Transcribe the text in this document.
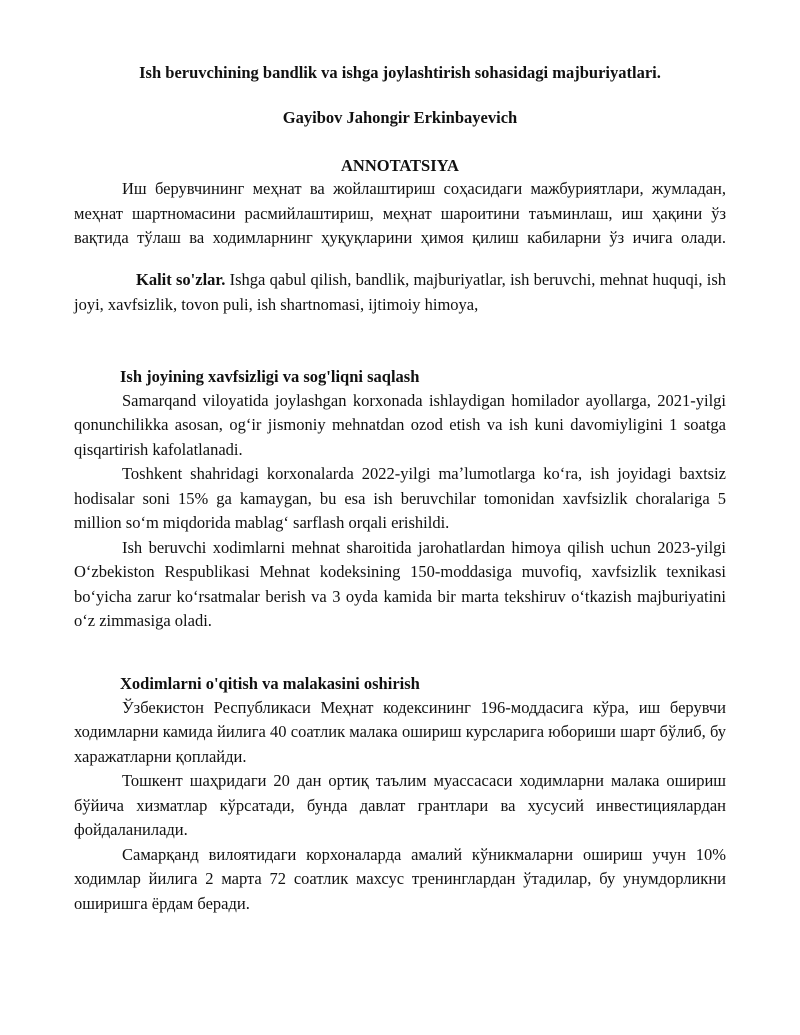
Ish beruvchining bandlik va ishga joylashtirish sohasidagi majburiyatlari.

Gayibov Jahongir Erkinbayevich

ANNOTATSIYA

Иш берувчининг меҳнат ва жойлаштириш соҳасидаги мажбуриятлари, жумладан, меҳнат шартномасини расмийлаштириш, меҳнат шароитини таъминлаш, иш ҳақини ўз вақтида тўлаш ва ходимларнинг ҳуқуқларини ҳимоя қилиш кабиларни ўз ичига олади.

Kalit so'zlar. Ishga qabul qilish, bandlik, majburiyatlar, ish beruvchi, mehnat huquqi, ish joyi, xavfsizlik, tovon puli, ish shartnomasi, ijtimoiy himoya,

Ish joyining xavfsizligi va sog'liqni saqlash

Samarqand viloyatida joylashgan korxonada ishlaydigan homilador ayollarga, 2021-yilgi qonunchilikka asosan, ogʻir jismoniy mehnatdan ozod etish va ish kuni davomiyligini 1 soatga qisqartirish kafolatlanadi.

Toshkent shahridagi korxonalarda 2022-yilgi maʼlumotlarga koʻra, ish joyidagi baxtsiz hodisalar soni 15% ga kamaygan, bu esa ish beruvchilar tomonidan xavfsizlik choralariga 5 million soʻm miqdorida mablagʻ sarflash orqali erishildi.

Ish beruvchi xodimlarni mehnat sharoitida jarohatlardan himoya qilish uchun 2023-yilgi Oʻzbekiston Respublikasi Mehnat kodeksining 150-moddasiga muvofiq, xavfsizlik texnikasi boʻyicha zarur koʻrsatmalar berish va 3 oyda kamida bir marta tekshiruv oʻtkazish majburiyatini oʻz zimmasiga oladi.

Xodimlarni o'qitish va malakasini oshirish

Ўзбекистон Республикаси Меҳнат кодексининг 196-моддасига кўра, иш берувчи ходимларни камида йилига 40 соатлик малака ошириш курсларига юбориши шарт бўлиб, бу харажатларни қоплайди.

Тошкент шаҳридаги 20 дан ортиқ таълим муассасаси ходимларни малака ошириш бўйича хизматлар кўрсатади, бунда давлат грантлари ва хусусий инвестициялардан фойдаланилади.

Самарқанд вилоятидаги корхоналарда амалий кўникмаларни ошириш учун 10% ходимлар йилига 2 марта 72 соатлик махсус тренинглардан ўтадилар, бу унумдорликни оширишга ёрдам беради.
